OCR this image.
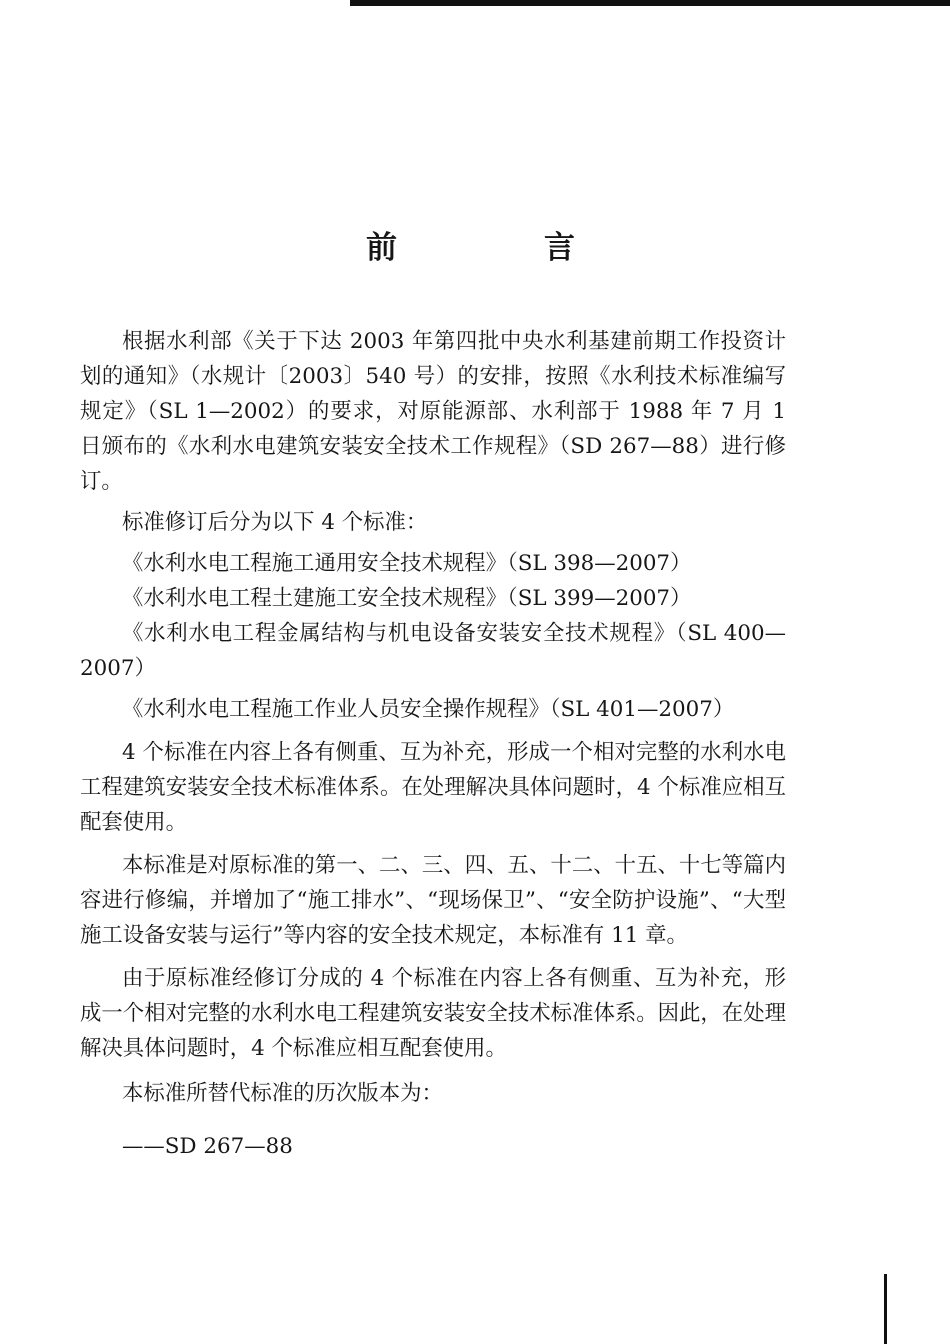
前　言

根据水利部《关于下达 2003 年第四批中央水利基建前期工作投资计划的通知》（水规计〔2003〕540 号）的安排，按照《水利技术标准编写规定》（SL 1—2002）的要求，对原能源部、水利部于 1988 年 7 月 1 日颁布的《水利水电建筑安装安全技术工作规程》（SD 267—88）进行修订。

标准修订后分为以下 4 个标准：

《水利水电工程施工通用安全技术规程》（SL 398—2007）

《水利水电工程土建施工安全技术规程》（SL 399—2007）

《水利水电工程金属结构与机电设备安装安全技术规程》（SL 400—2007）

《水利水电工程施工作业人员安全操作规程》（SL 401—2007）

4 个标准在内容上各有侧重、互为补充，形成一个相对完整的水利水电工程建筑安装安全技术标准体系。在处理解决具体问题时，4 个标准应相互配套使用。

本标准是对原标准的第一、二、三、四、五、十二、十五、十七等篇内容进行修编，并增加了“施工排水”、“现场保卫”、“安全防护设施”、“大型施工设备安装与运行”等内容的安全技术规定，本标准有 11 章。

由于原标准经修订分成的 4 个标准在内容上各有侧重、互为补充，形成一个相对完整的水利水电工程建筑安装安全技术标准体系。因此，在处理解决具体问题时，4 个标准应相互配套使用。

本标准所替代标准的历次版本为：

——SD 267—88
